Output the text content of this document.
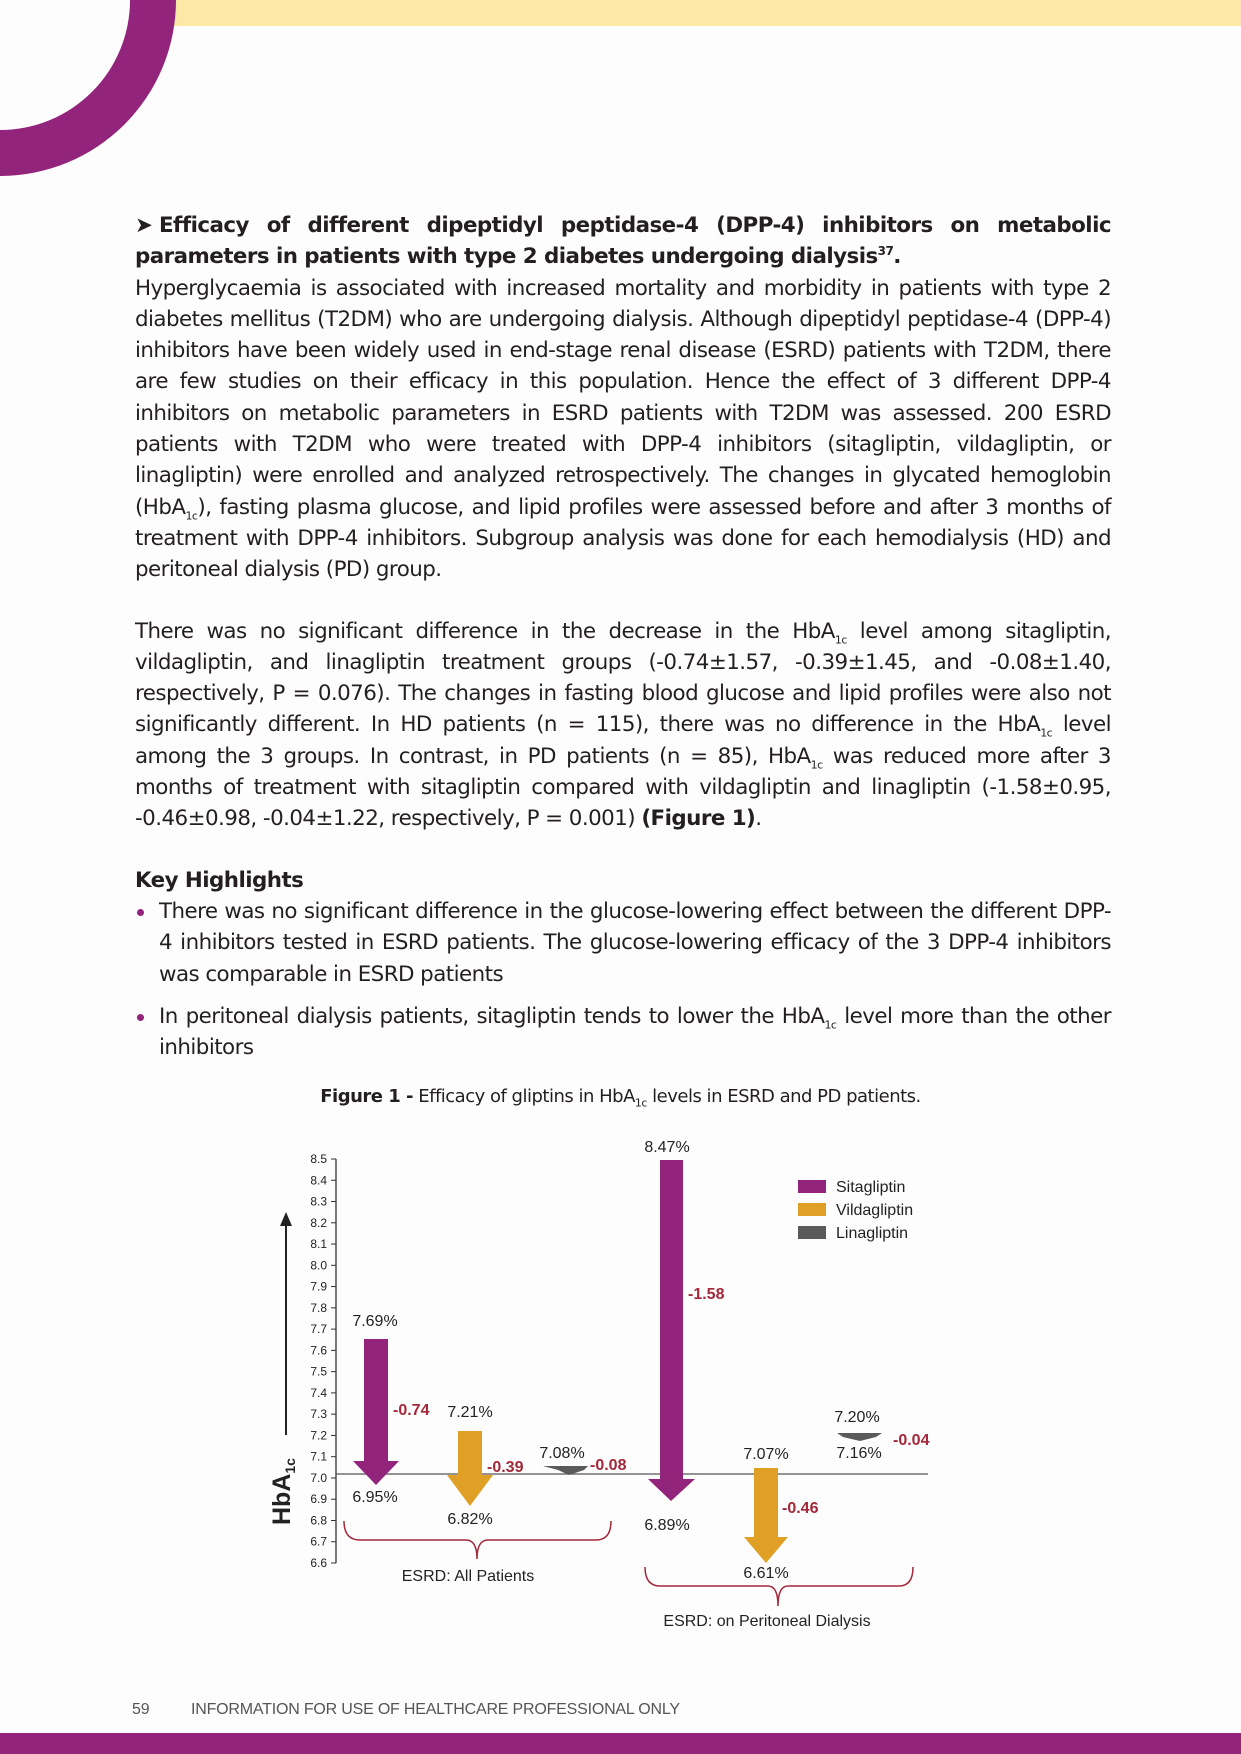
➤ Efficacy of different dipeptidyl peptidase-4 (DPP-4) inhibitors on metabolic parameters in patients with type 2 diabetes undergoing dialysis$^{37}$.

Hyperglycaemia is associated with increased mortality and morbidity in patients with type 2 diabetes mellitus (T2DM) who are undergoing dialysis. Although dipeptidyl peptidase-4 (DPP-4) inhibitors have been widely used in end-stage renal disease (ESRD) patients with T2DM, there are few studies on their efficacy in this population. Hence the effect of 3 different DPP-4 inhibitors on metabolic parameters in ESRD patients with T2DM was assessed. 200 ESRD patients with T2DM who were treated with DPP-4 inhibitors (sitagliptin, vildagliptin, or linagliptin) were enrolled and analyzed retrospectively. The changes in glycated hemoglobin (HbA$_{1c}$), fasting plasma glucose, and lipid profiles were assessed before and after 3 months of treatment with DPP-4 inhibitors. Subgroup analysis was done for each hemodialysis (HD) and peritoneal dialysis (PD) group.

There was no significant difference in the decrease in the HbA$_{1c}$ level among sitagliptin, vildagliptin, and linagliptin treatment groups (-0.74±1.57, -0.39±1.45, and -0.08±1.40, respectively, P = 0.076). The changes in fasting blood glucose and lipid profiles were also not significantly different. In HD patients (n = 115), there was no difference in the HbA$_{1c}$ level among the 3 groups. In contrast, in PD patients (n = 85), HbA$_{1c}$ was reduced more after 3 months of treatment with sitagliptin compared with vildagliptin and linagliptin (-1.58±0.95, -0.46±0.98, -0.04±1.22, respectively, P = 0.001) (Figure 1).

Key Highlights

There was no significant difference in the glucose-lowering effect between the different DPP-4 inhibitors tested in ESRD patients. The glucose-lowering efficacy of the 3 DPP-4 inhibitors was comparable in ESRD patients
In peritoneal dialysis patients, sitagliptin tends to lower the HbA$_{1c}$ level more than the other inhibitors
Figure 1 - Efficacy of gliptins in HbA$_{1c}$ levels in ESRD and PD patients.
8.5
8.4
8.3
8.2
8.1
8.0
7.9
7.8
7.7
7.6
7.5
7.4
7.3
7.2
7.1
7.0
6.9
6.8
6.7
6.6
HbA$_{1c}$
7.69%
6.95%
-0.74 7.21%
6.82%
-0.39
7.08%
-0.08
ESRD: All Patients
8.47%
6.89%
-1.58
7.07%
6.61%
-0.46
7.20%
7.16%
-0.04
ESRD: on Peritoneal Dialysis
Sitagliptin
Vildagliptin
Linagliptin
59	INFORMATION FOR USE OF HEALTHCARE PROFESSIONAL ONLY
